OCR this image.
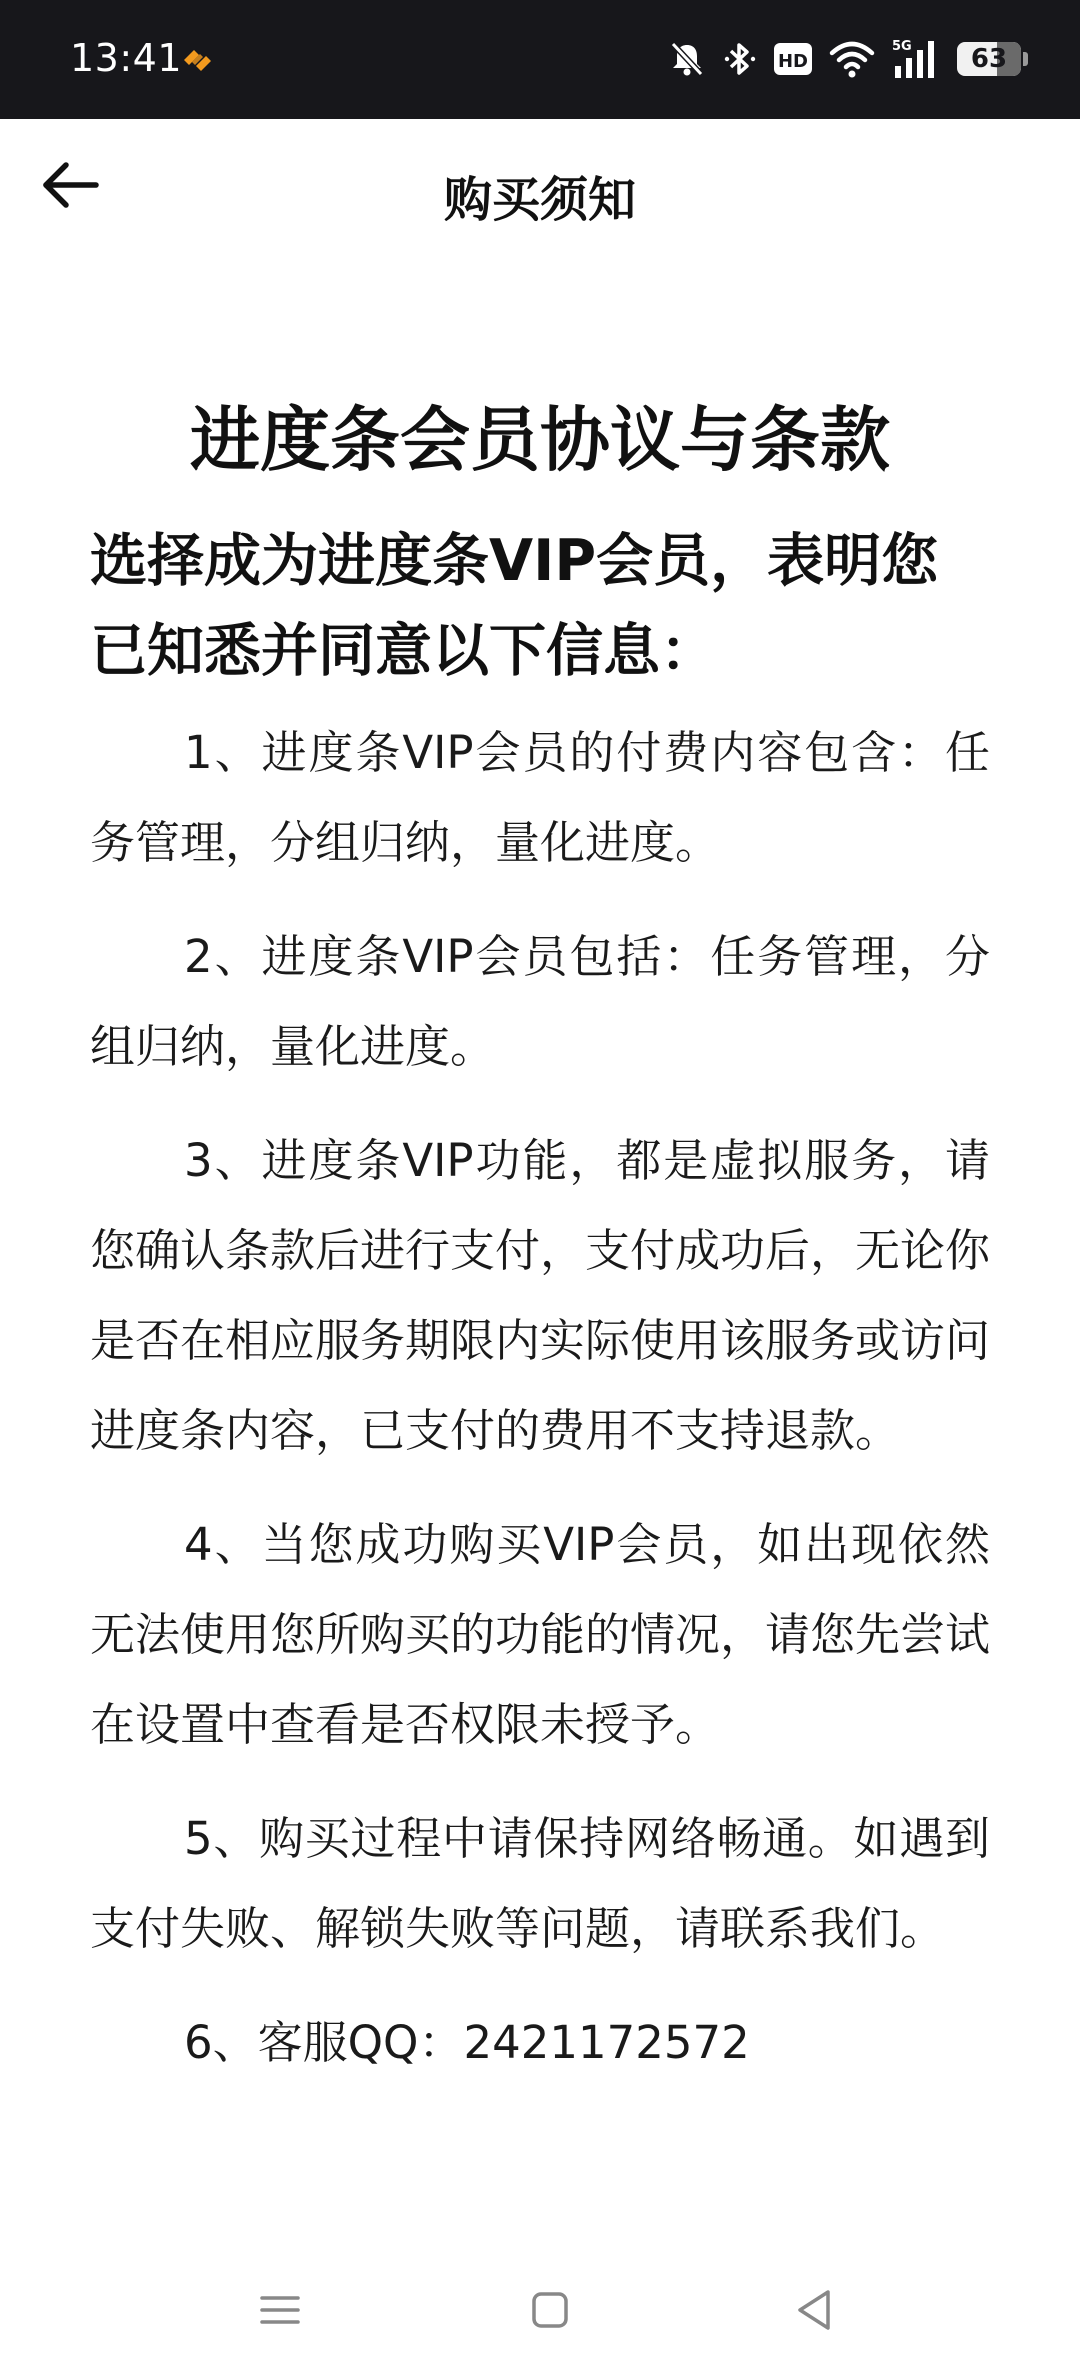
13:41	HD
5G 63
购买须知
进度条会员协议与条款

选择成为进度条VIP会员，表明您已知悉并同意以下信息：

1、进度条VIP会员的付费内容包含：任务管理，分组归纳，量化进度。

2、进度条VIP会员包括：任务管理，分组归纳，量化进度。

3、进度条VIP功能，都是虚拟服务，请您确认条款后进行支付，支付成功后，无论你是否在相应服务期限内实际使用该服务或访问进度条内容，已支付的费用不支持退款。

4、当您成功购买VIP会员，如出现依然无法使用您所购买的功能的情况，请您先尝试在设置中查看是否权限未授予。

5、购买过程中请保持网络畅通。如遇到支付失败、解锁失败等问题，请联系我们。

6、客服QQ：2421172572
